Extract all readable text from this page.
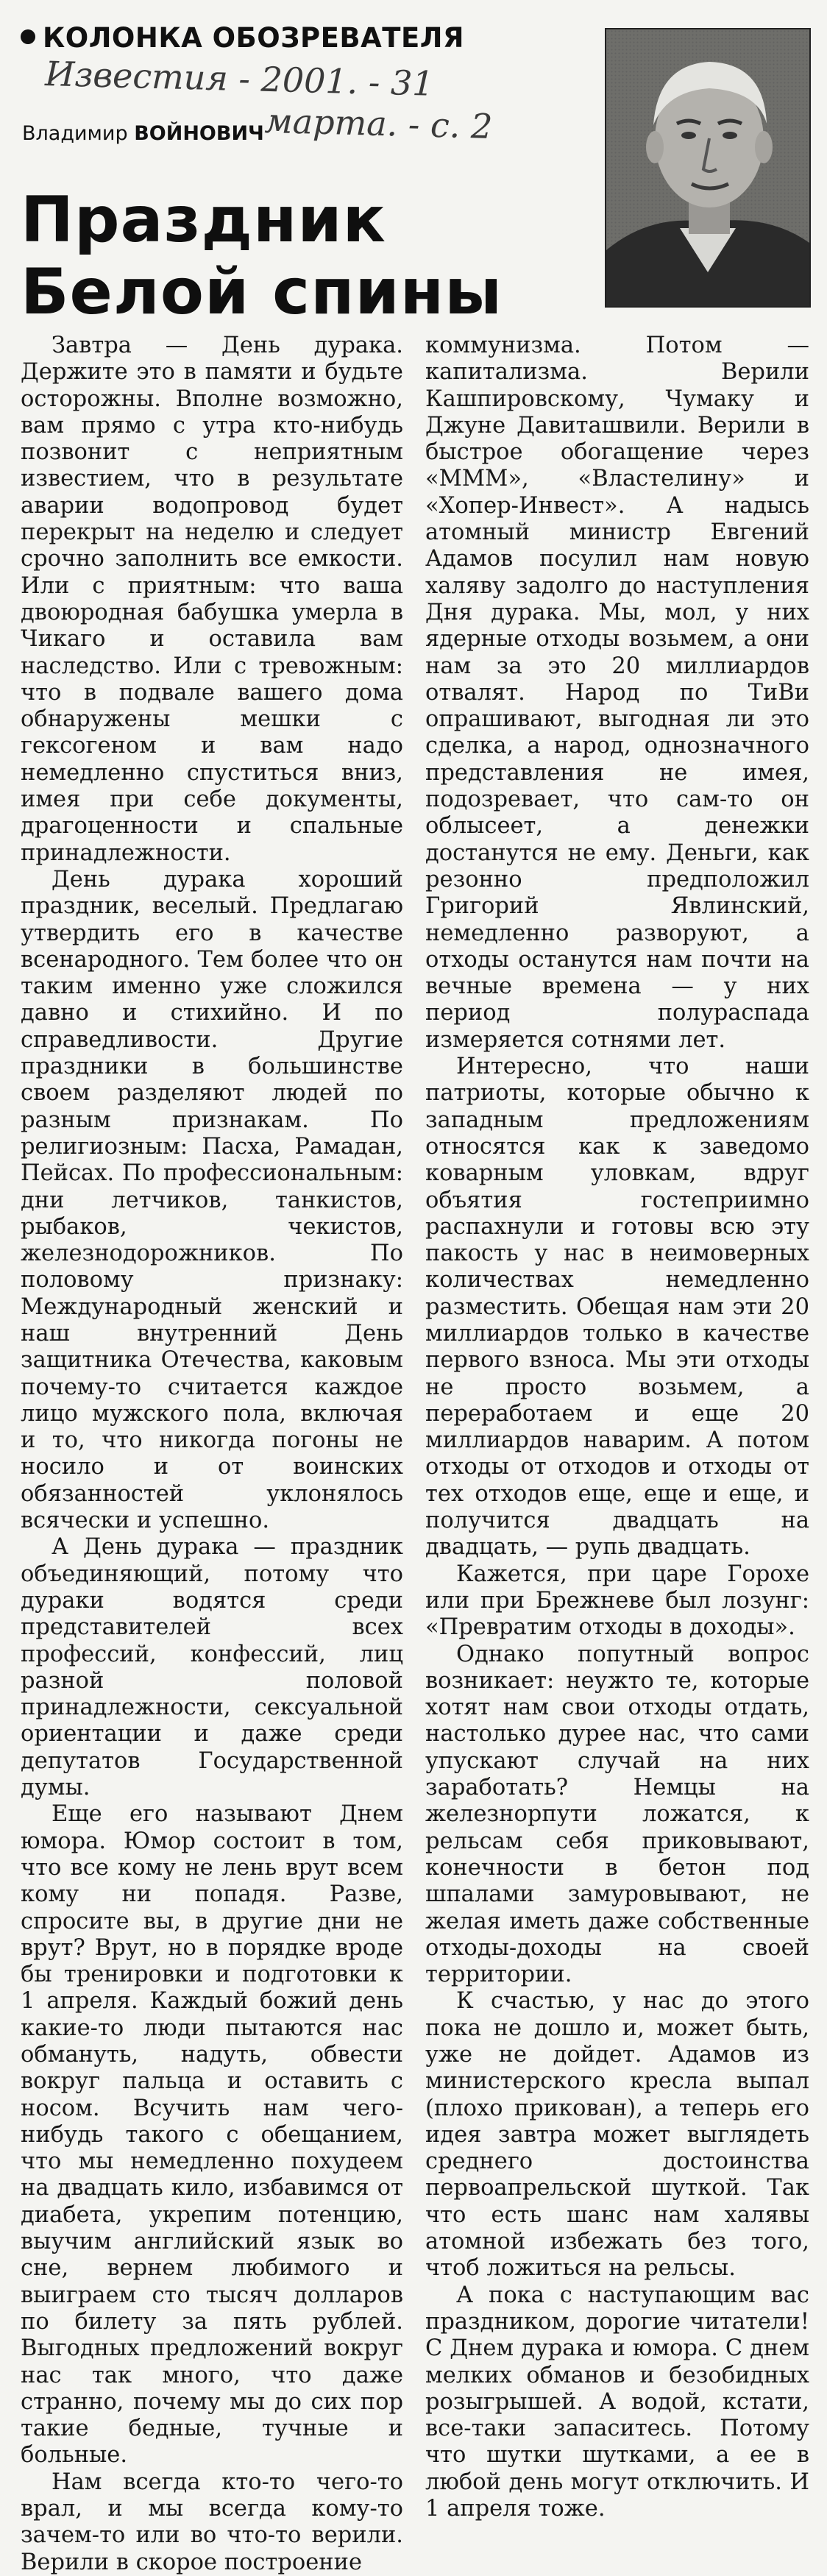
КОЛОНКА ОБОЗРЕВАТЕЛЯ
Известия - 2001. - 31
марта. - с. 2
Владимир ВОЙНОВИЧ
Праздник
Белой спины

Завтра — День дурака. Держите это в памяти и будьте осторожны. Вполне возможно, вам прямо с утра кто-нибудь позвонит с неприятным известием, что в результате аварии водопровод будет перекрыт на неделю и следует срочно заполнить все емкости. Или с приятным: что ваша двоюродная бабушка умерла в Чикаго и оставила вам наследство. Или с тревожным: что в подвале вашего дома обнаружены мешки с гексогеном и вам надо немедленно спуститься вниз, имея при себе документы, драгоценности и спальные принадлежности.

День дурака хороший праздник, веселый. Предлагаю утвердить его в качестве всенародного. Тем более что он таким именно уже сложился давно и стихийно. И по справедливости. Другие праздники в большинстве своем разделяют людей по разным признакам. По религиозным: Пасха, Рамадан, Пейсах. По профессиональным: дни летчиков, танкистов, рыбаков, чекистов, железнодорожников. По половому признаку: Международный женский и наш внутренний День защитника Отечества, каковым почему-то считается каждое лицо мужского пола, включая и то, что никогда погоны не носило и от воинских обязанностей уклонялось всячески и успешно.

А День дурака — праздник объединяющий, потому что дураки водятся среди представителей всех профессий, конфессий, лиц разной половой принадлежности, сексуальной ориентации и даже среди депутатов Государственной думы.

Еще его называют Днем юмора. Юмор состоит в том, что все кому не лень врут всем кому ни попадя. Разве, спросите вы, в другие дни не врут? Врут, но в порядке вроде бы тренировки и подготовки к 1 апреля. Каждый божий день какие-то люди пытаются нас обмануть, надуть, обвести вокруг пальца и оставить с носом. Всучить нам чего-нибудь такого с обещанием, что мы немедленно похудеем на двадцать кило, избавимся от диабета, укрепим потенцию, выучим английский язык во сне, вернем любимого и выиграем сто тысяч долларов по билету за пять рублей. Выгодных предложений вокруг нас так много, что даже странно, почему мы до сих пор такие бедные, тучные и больные.

Нам всегда кто-то чего-то врал, и мы всегда кому-то зачем-то или во что-то верили. Верили в скорое построение

коммунизма. Потом — капитализма. Верили Кашпировскому, Чумаку и Джуне Давиташвили. Верили в быстрое обогащение через «МММ», «Властелину» и «Хопер-Инвест». А надысь атомный министр Евгений Адамов посулил нам новую халяву задолго до наступления Дня дурака. Мы, мол, у них ядерные отходы возьмем, а они нам за это 20 миллиардов отвалят. Народ по ТиВи опрашивают, выгодная ли это сделка, а народ, однозначного представления не имея, подозревает, что сам-то он облысеет, а денежки достанутся не ему. Деньги, как резонно предположил Григорий Явлинский, немедленно разворуют, а отходы останутся нам почти на вечные времена — у них период полураспада измеряется сотнями лет.

Интересно, что наши патриоты, которые обычно к западным предложениям относятся как к заведомо коварным уловкам, вдруг объятия гостеприимно распахнули и готовы всю эту пакость у нас в неимоверных количествах немедленно разместить. Обещая нам эти 20 миллиардов только в качестве первого взноса. Мы эти отходы не просто возьмем, а переработаем и еще 20 миллиардов наварим. А потом отходы от отходов и отходы от тех отходов еще, еще и еще, и получится двадцать на двадцать, — рупь двадцать.

Кажется, при царе Горохе или при Брежневе был лозунг: «Превратим отходы в доходы».

Однако попутный вопрос возникает: неужто те, которые хотят нам свои отходы отдать, настолько дурее нас, что сами упускают случай на них заработать? Немцы на железнорпути ложатся, к рельсам себя приковывают, конечности в бетон под шпалами замуровывают, не желая иметь даже собственные отходы-доходы на своей территории.

К счастью, у нас до этого пока не дошло и, может быть, уже не дойдет. Адамов из министерского кресла выпал (плохо прикован), а теперь его идея завтра может выглядеть среднего достоинства первоапрельской шуткой. Так что есть шанс нам халявы атомной избежать без того, чтоб ложиться на рельсы.

А пока с наступающим вас праздником, дорогие читатели! С Днем дурака и юмора. С днем мелких обманов и безобидных розыгрышей. А водой, кстати, все-таки запаситесь. Потому что шутки шутками, а ее в любой день могут отключить. И 1 апреля тоже.
